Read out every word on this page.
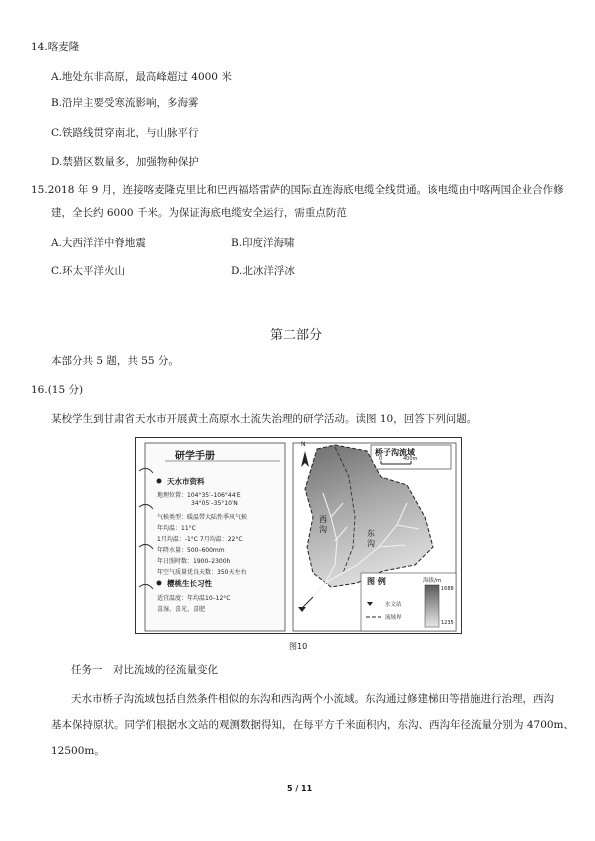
14.喀麦隆
A.地处东非高原，最高峰超过 4000 米
B.沿岸主要受寒流影响，多海雾
C.铁路线贯穿南北，与山脉平行
D.禁猎区数量多，加强物种保护
15.2018 年 9 月，连接喀麦隆克里比和巴西福塔雷萨的国际直连海底电缆全线贯通。该电缆由中喀两国企业合作修
建，全长约 6000 千米。为保证海底电缆安全运行，需重点防范
A.大西洋洋中脊地震	B.印度洋海啸
C.环太平洋火山	D.北冰洋浮冰
第二部分
本部分共 5 题，共 55 分。
16.(15 分)
某校学生到甘肃省天水市开展黄土高原水土流失治理的研学活动。读图 10，回答下列问题。
研学手册
天水市资料
地理位置：104°35′–106°44′E
34°05′–35°10′N
气候类型：暖温带大陆性季风气候
年均温：11°C
1月均温：-1°C 7月均温：22°C
年降水量：500–600mm
年日照时数：1900–2300h
年空气质量优良天数：350天左右
樱桃生长习性
适宜温度：年均温10–12°C
喜湿、喜光、喜肥
桥子沟流域
0	400m
N
西沟	东沟
图 例
水文站
流域界
海拔/m
1688
1235
图10
任务一　对比流域的径流量变化
天水市桥子沟流域包括自然条件相似的东沟和西沟两个小流域。东沟通过修建梯田等措施进行治理，西沟
基本保持原状。同学们根据水文站的观测数据得知，在每平方千米面积内，东沟、西沟年径流量分别为 4700m、
12500m。
5 / 11
